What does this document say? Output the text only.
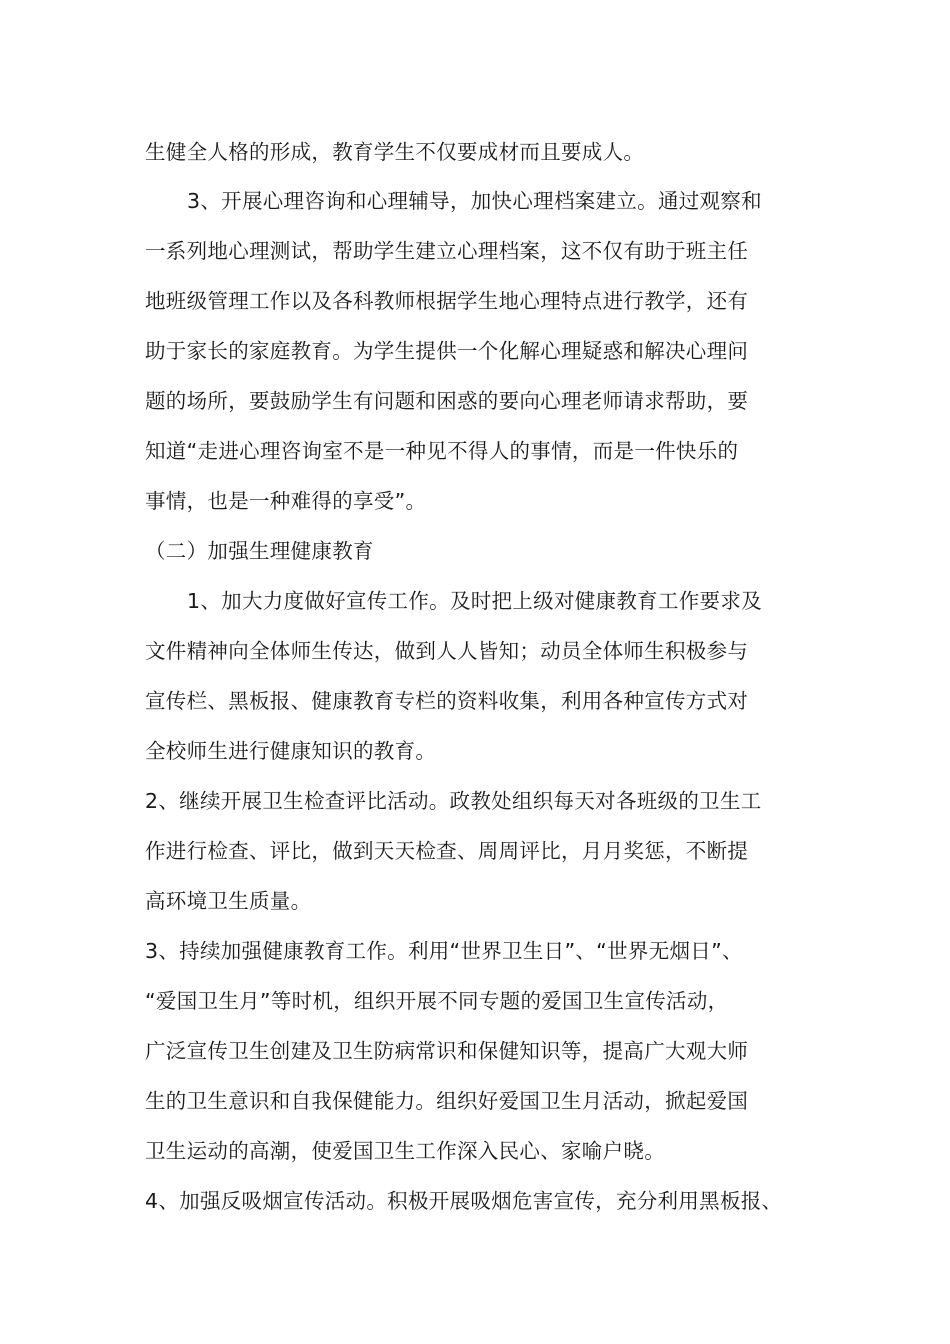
生健全人格的形成，教育学生不仅要成材而且要成人。
3、开展心理咨询和心理辅导，加快心理档案建立。通过观察和
一系列地心理测试，帮助学生建立心理档案，这不仅有助于班主任
地班级管理工作以及各科教师根据学生地心理特点进行教学，还有
助于家长的家庭教育。为学生提供一个化解心理疑惑和解决心理问
题的场所，要鼓励学生有问题和困惑的要向心理老师请求帮助，要
知道“走进心理咨询室不是一种见不得人的事情，而是一件快乐的
事情，也是一种难得的享受”。
（二）加强生理健康教育
1、加大力度做好宣传工作。及时把上级对健康教育工作要求及
文件精神向全体师生传达，做到人人皆知；动员全体师生积极参与
宣传栏、黑板报、健康教育专栏的资料收集，利用各种宣传方式对
全校师生进行健康知识的教育。
2、继续开展卫生检查评比活动。政教处组织每天对各班级的卫生工
作进行检查、评比，做到天天检查、周周评比，月月奖惩，不断提
高环境卫生质量。
3、持续加强健康教育工作。利用“世界卫生日”、“世界无烟日”、
“爱国卫生月”等时机，组织开展不同专题的爱国卫生宣传活动，
广泛宣传卫生创建及卫生防病常识和保健知识等，提高广大观大师
生的卫生意识和自我保健能力。组织好爱国卫生月活动，掀起爱国
卫生运动的高潮，使爱国卫生工作深入民心、家喻户晓。
4、加强反吸烟宣传活动。积极开展吸烟危害宣传，充分利用黑板报、
